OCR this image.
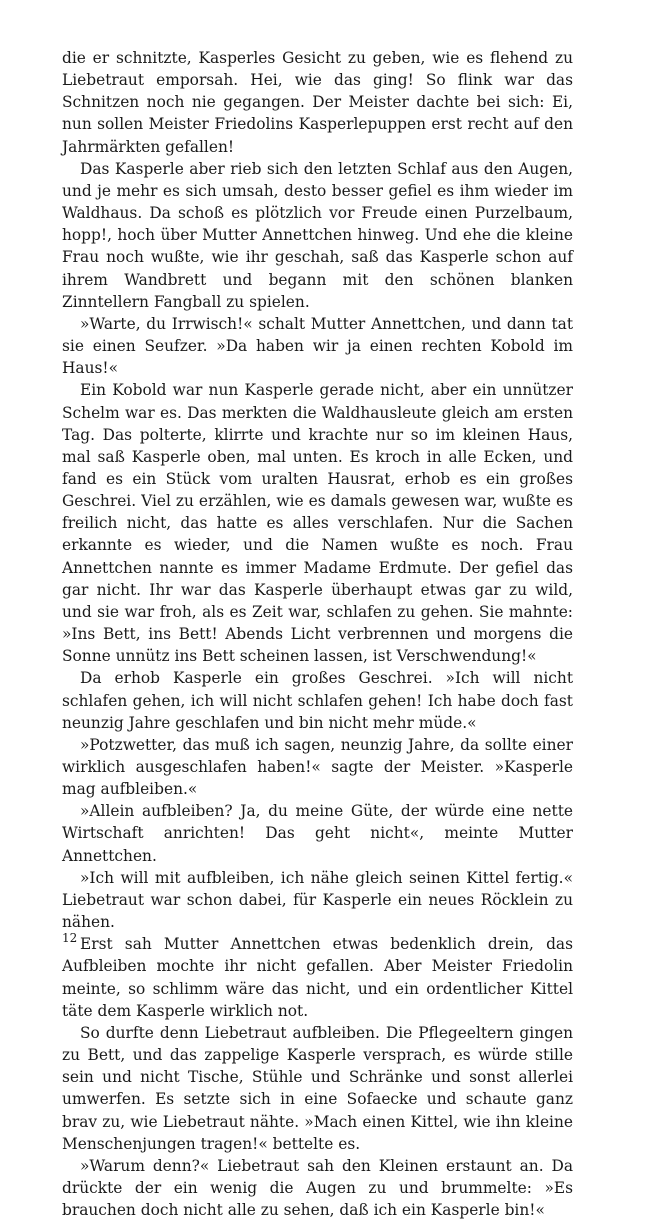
die er schnitzte, Kasperles Gesicht zu geben, wie es flehend zu Liebetraut emporsah. Hei, wie das ging! So flink war das Schnitzen noch nie gegangen. Der Meister dachte bei sich: Ei, nun sollen Meister Friedolins Kasperlepuppen erst recht auf den Jahrmärkten gefallen!

Das Kasperle aber rieb sich den letzten Schlaf aus den Augen, und je mehr es sich umsah, desto besser gefiel es ihm wieder im Waldhaus. Da schoß es plötzlich vor Freude einen Purzelbaum, hopp!, hoch über Mutter Annettchen hinweg. Und ehe die kleine Frau noch wußte, wie ihr geschah, saß das Kasperle schon auf ihrem Wandbrett und begann mit den schönen blanken Zinntellern Fangball zu spielen.

»Warte, du Irrwisch!« schalt Mutter Annettchen, und dann tat sie einen Seufzer. »Da haben wir ja einen rechten Kobold im Haus!«

Ein Kobold war nun Kasperle gerade nicht, aber ein unnützer Schelm war es. Das merkten die Waldhausleute gleich am ersten Tag. Das polterte, klirrte und krachte nur so im kleinen Haus, mal saß Kasperle oben, mal unten. Es kroch in alle Ecken, und fand es ein Stück vom uralten Hausrat, erhob es ein großes Geschrei. Viel zu erzählen, wie es damals gewesen war, wußte es freilich nicht, das hatte es alles verschlafen. Nur die Sachen erkannte es wieder, und die Namen wußte es noch. Frau Annettchen nannte es immer Madame Erdmute. Der gefiel das gar nicht. Ihr war das Kasperle überhaupt etwas gar zu wild, und sie war froh, als es Zeit war, schlafen zu gehen. Sie mahnte: »Ins Bett, ins Bett! Abends Licht verbrennen und morgens die Sonne unnütz ins Bett scheinen lassen, ist Verschwendung!«

Da erhob Kasperle ein großes Geschrei. »Ich will nicht schlafen gehen, ich will nicht schlafen gehen! Ich habe doch fast neunzig Jahre geschlafen und bin nicht mehr müde.«

»Potzwetter, das muß ich sagen, neunzig Jahre, da sollte einer wirklich ausgeschlafen haben!« sagte der Meister. »Kasperle mag aufbleiben.«

»Allein aufbleiben? Ja, du meine Güte, der würde eine nette Wirtschaft anrichten! Das geht nicht«, meinte Mutter Annettchen.

»Ich will mit aufbleiben, ich nähe gleich seinen Kittel fertig.« Liebetraut war schon dabei, für Kasperle ein neues Röcklein zu nähen.

Erst sah Mutter Annettchen etwas bedenklich drein, das Aufbleiben mochte ihr nicht gefallen. Aber Meister Friedolin meinte, so schlimm wäre das nicht, und ein ordentlicher Kittel täte dem Kasperle wirklich not.

So durfte denn Liebetraut aufbleiben. Die Pflegeeltern gingen zu Bett, und das zappelige Kasperle versprach, es würde stille sein und nicht Tische, Stühle und Schränke und sonst allerlei umwerfen. Es setzte sich in eine Sofaecke und schaute ganz brav zu, wie Liebetraut nähte. »Mach einen Kittel, wie ihn kleine Menschenjungen tragen!« bettelte es.

»Warum denn?« Liebetraut sah den Kleinen erstaunt an. Da drückte der ein wenig die Augen zu und brummelte: »Es brauchen doch nicht alle zu sehen, daß ich ein Kasperle bin!«

12
